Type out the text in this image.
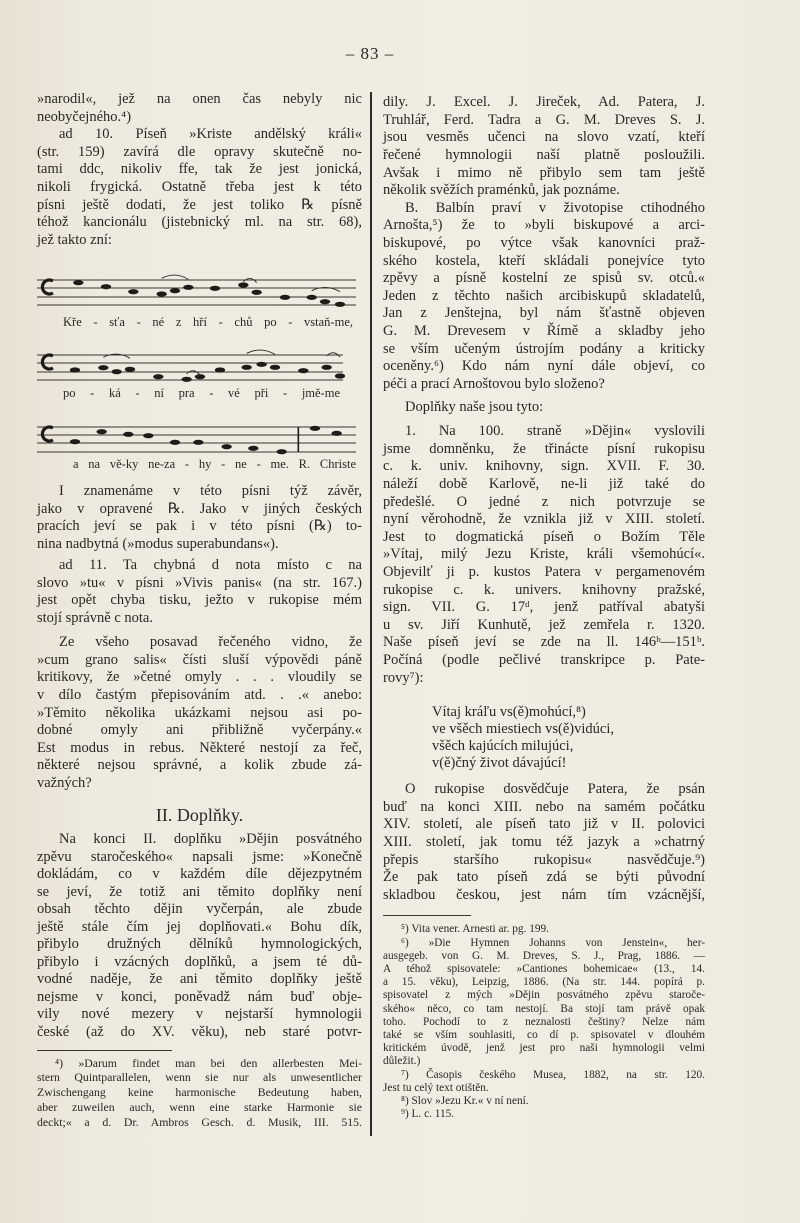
– 83 –
»narodil«, jež na onen čas nebyly nic
neobyčejného.⁴)
ad 10. Píseň »Kriste andělský králi«
(str. 159) zavírá dle opravy skutečně no-
tami ddc, nikoliv ffe, tak že jest jonická,
nikoli frygická. Ostatně třeba jest k této
písni ještě dodati, že jest toliko ℞ písně
téhož kancionálu (jistebnický ml. na str. 68),
jež takto zní:
I znamenáme v této písni týž závěr,
jako v opravené ℞. Jako v jiných českých
pracích jeví se pak i v této písni (℞) to-
nina nadbytná (»modus superabundans«).
ad 11. Ta chybná d nota místo c na
slovo »tu« v písni »Vivis panis« (na str. 167.)
jest opět chyba tisku, ježto v rukopise mém
stojí správně c nota.
Ze všeho posavad řečeného vidno, že
»cum grano salis« čísti sluší výpovědi páně
kritikovy, že »četné omyly . . . vloudily se
v dílo častým přepisováním atd. . .« anebo:
»Těmito několika ukázkami nejsou asi po-
dobné omyly ani přibližně vyčerpány.«
Est modus in rebus. Některé nestojí za řeč,
některé nejsou správné, a kolik zbude zá-
važných?
II. Doplňky.
Na konci II. doplňku »Dějin posvátného
zpěvu staročeského« napsali jsme: »Konečně
dokládám, co v každém díle dějezpytném
se jeví, že totiž ani těmito doplňky není
obsah těchto dějin vyčerpán, ale zbude
ještě stále čím jej doplňovati.« Bohu dík,
přibylo družných dělníků hymnologických,
přibylo i vzácných doplňků, a jsem té dů-
vodné naděje, že ani těmito doplňky ještě
nejsme v konci, poněvadž nám buď obje-
vily nové mezery v nejstarší hymnologii
české (až do XV. věku), neb staré potvr-
⁴) »Darum findet man bei den allerbesten Mei-
stern Quintparallelen, wenn sie nur als unwesentlicher
Zwischengang keine harmonische Bedeutung haben,
aber zuweilen auch, wenn eine starke Harmonie sie
deckt;« a d. Dr. Ambros Gesch. d. Musik, III. 515.
Kře - sťa - né z hří - chů po - vstaň-me,
po - ká - ní pra - vé při - jmě-me
a na vě-ky ne-za - hy - ne - me. R. Christe
dily. J. Excel. J. Jireček, Ad. Patera, J.
Truhlář, Ferd. Tadra a G. M. Dreves S. J.
jsou vesměs učenci na slovo vzatí, kteří
řečené hymnologii naší platně posloužili.
Avšak i mimo ně přibylo sem tam ještě
několik svěžích praménků, jak poznáme.
B. Balbín praví v životopise ctihodného
Arnošta,⁵) že to »byli biskupové a arci-
biskupové, po výtce však kanovníci praž-
ského kostela, kteří skládali ponejvíce tyto
zpěvy a písně kostelní ze spisů sv. otců.«
Jeden z těchto našich arcibiskupů skladatelů,
Jan z Jenštejna, byl nám šťastně objeven
G. M. Drevesem v Římě a skladby jeho
se vším učeným ústrojím podány a kriticky
oceněny.⁶) Kdo nám nyní dále objeví, co
péči a prací Arnoštovou bylo složeno?
Doplňky naše jsou tyto:
1. Na 100. straně »Dějin« vyslovili
jsme domněnku, že třinácte písní rukopisu
c. k. univ. knihovny, sign. XVII. F. 30.
náleží době Karlově, ne-li již také do
předešlé. O jedné z nich potvrzuje se
nyní věrohodně, že vznikla již v XIII. století.
Jest to dogmatická píseň o Božím Těle
»Vítaj, milý Jezu Kriste, králi všemohúcí«.
Objevilť ji p. kustos Patera v pergamenovém
rukopise c. k. univers. knihovny pražské,
sign. VII. G. 17ᵈ, jenž patříval abatyši
u sv. Jiří Kunhutě, jež zemřela r. 1320.
Naše píseň jeví se zde na ll. 146ᵇ—151ᵇ.
Počíná (podle pečlivé transkripce p. Pate-
rovy⁷):
Vítaj kráľu vs(ě)mohúcí,⁸)
ve všěch miestiech vs(ě)vidúci,
všěch kajúcích milujúci,
v(ě)čný život dávajúcí!
O rukopise dosvědčuje Patera, že psán
buď na konci XIII. nebo na samém počátku
XIV. století, ale píseň tato již v II. polovici
XIII. století, jak tomu též jazyk a »chatrný
přepis staršího rukopisu« nasvědčuje.⁹)
Že pak tato píseň zdá se býti původní
skladbou českou, jest nám tím vzácnější,
⁵) Vita vener. Arnesti ar. pg. 199.
⁶) »Die Hymnen Johanns von Jenstein«, her-
ausgegeb. von G. M. Dreves, S. J., Prag, 1886. —
A téhož spisovatele: »Cantiones bohemicae« (13., 14.
a 15. věku), Leipzig, 1886. (Na str. 144. popírá p.
spisovatel z mých »Dějin posvátného zpěvu staroče-
ského« něco, co tam nestojí. Ba stojí tam právě opak
toho. Pochodí to z neznalosti češtiny? Nelze nám
také se vším souhlasiti, co dí p. spisovatel v dlouhém
kritickém úvodě, jenž jest pro naši hymnologii velmi
důležit.)
⁷) Časopis českého Musea, 1882, na str. 120.
Jest tu celý text otištěn.
⁸) Slov »Jezu Kr.« v ní není.
⁹) L. c. 115.
